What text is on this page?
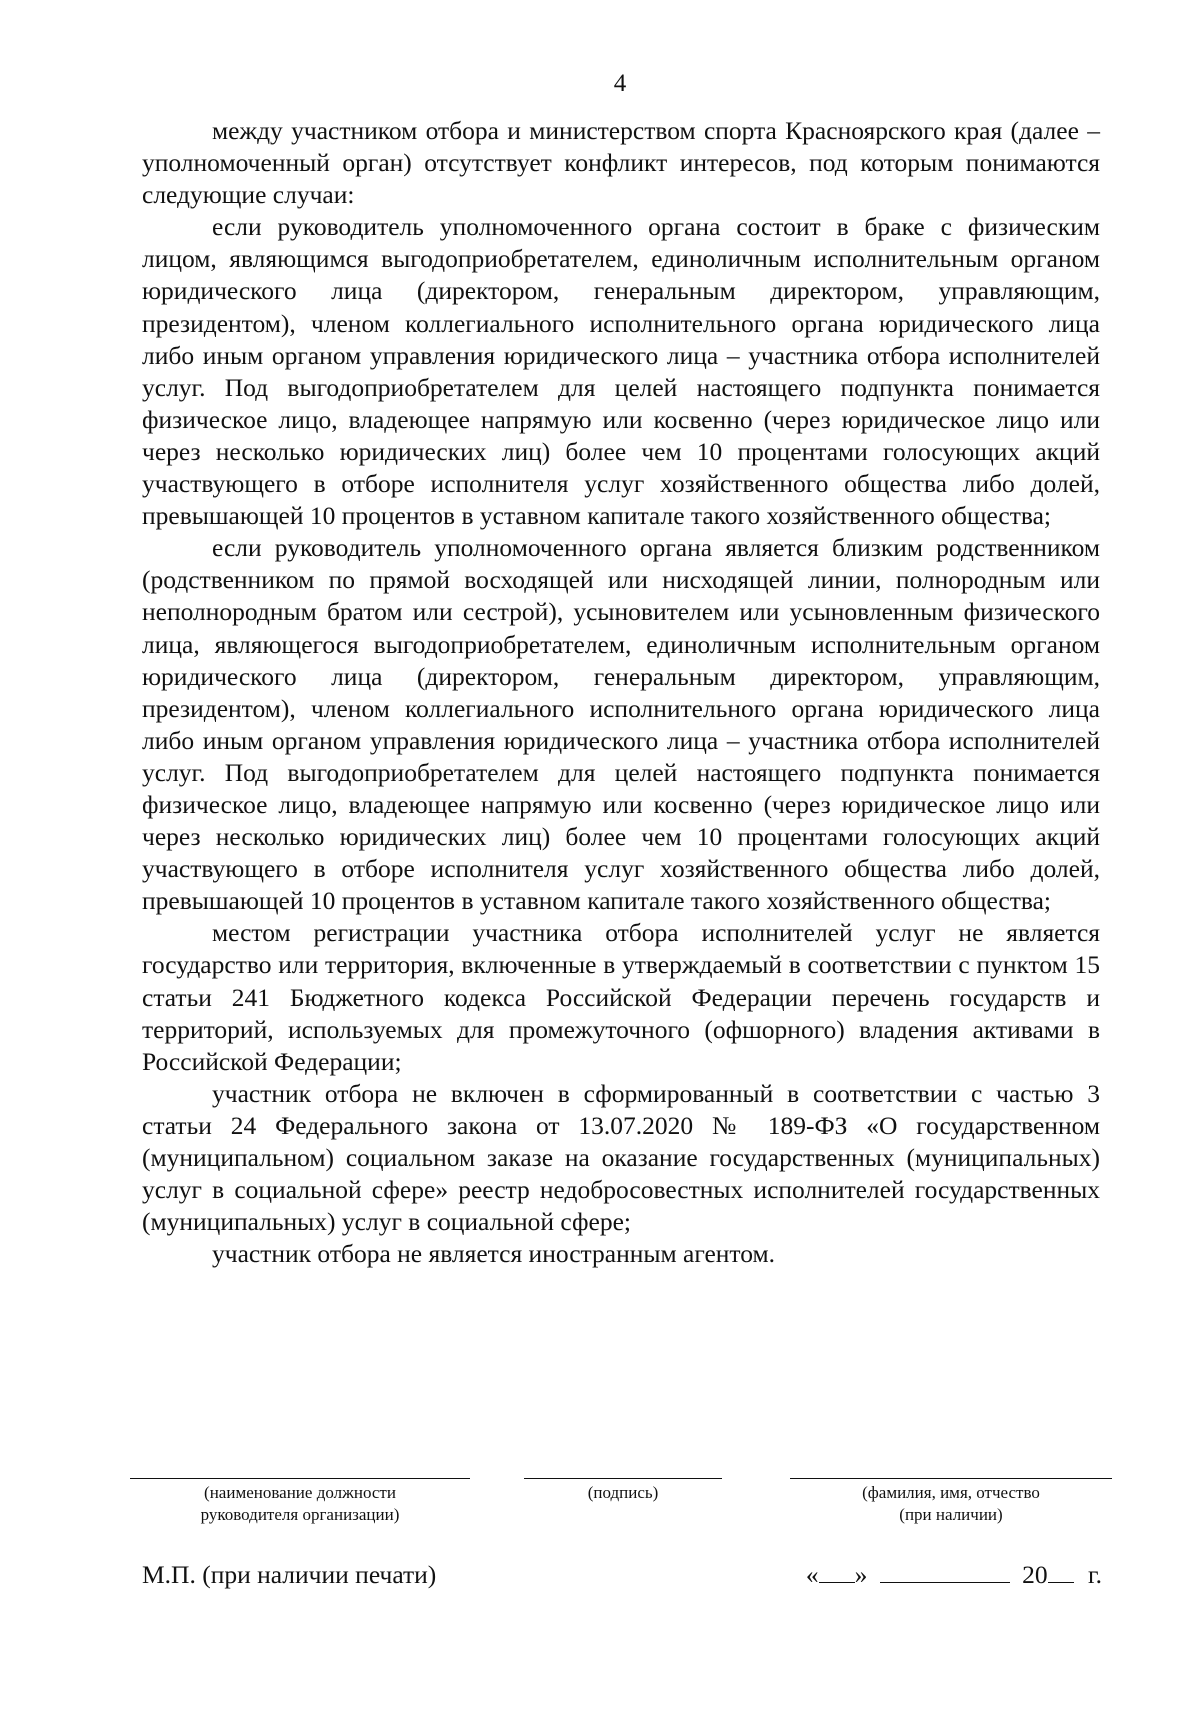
4

между участником отбора и министерством спорта Красноярского края (далее – уполномоченный орган) отсутствует конфликт интересов, под которым понимаются следующие случаи:

если руководитель уполномоченного органа состоит в браке с физическим лицом, являющимся выгодоприобретателем, единоличным исполнительным органом юридического лица (директором, генеральным директором, управляющим, президентом), членом коллегиального исполнительного органа юридического лица либо иным органом управления юридического лица – участника отбора исполнителей услуг. Под выгодоприобретателем для целей настоящего подпункта понимается физическое лицо, владеющее напрямую или косвенно (через юридическое лицо или через несколько юридических лиц) более чем 10 процентами голосующих акций участвующего в отборе исполнителя услуг хозяйственного общества либо долей, превышающей 10 процентов в уставном капитале такого хозяйственного общества;

если руководитель уполномоченного органа является близким родственником (родственником по прямой восходящей или нисходящей линии, полнородным или неполнородным братом или сестрой), усыновителем или усыновленным физического лица, являющегося выгодоприобретателем, единоличным исполнительным органом юридического лица (директором, генеральным директором, управляющим, президентом), членом коллегиального исполнительного органа юридического лица либо иным органом управления юридического лица – участника отбора исполнителей услуг. Под выгодоприобретателем для целей настоящего подпункта понимается физическое лицо, владеющее напрямую или косвенно (через юридическое лицо или через несколько юридических лиц) более чем 10 процентами голосующих акций участвующего в отборе исполнителя услуг хозяйственного общества либо долей, превышающей 10 процентов в уставном капитале такого хозяйственного общества;

местом регистрации участника отбора исполнителей услуг не является государство или территория, включенные в утверждаемый в соответствии с пунктом 15 статьи 241 Бюджетного кодекса Российской Федерации перечень государств и территорий, используемых для промежуточного (офшорного) владения активами в Российской Федерации;

участник отбора не включен в сформированный в соответствии с частью 3 статьи 24 Федерального закона от 13.07.2020 № 189-ФЗ «О государственном (муниципальном) социальном заказе на оказание государственных (муниципальных) услуг в социальной сфере» реестр недобросовестных исполнителей государственных (муниципальных) услуг в социальной сфере;

участник отбора не является иностранным агентом.

(наименование должности
руководителя организации)
(подпись)	(фамилия, имя, отчество
(при наличии)
М.П. (при наличии печати)	« »	20 г.
